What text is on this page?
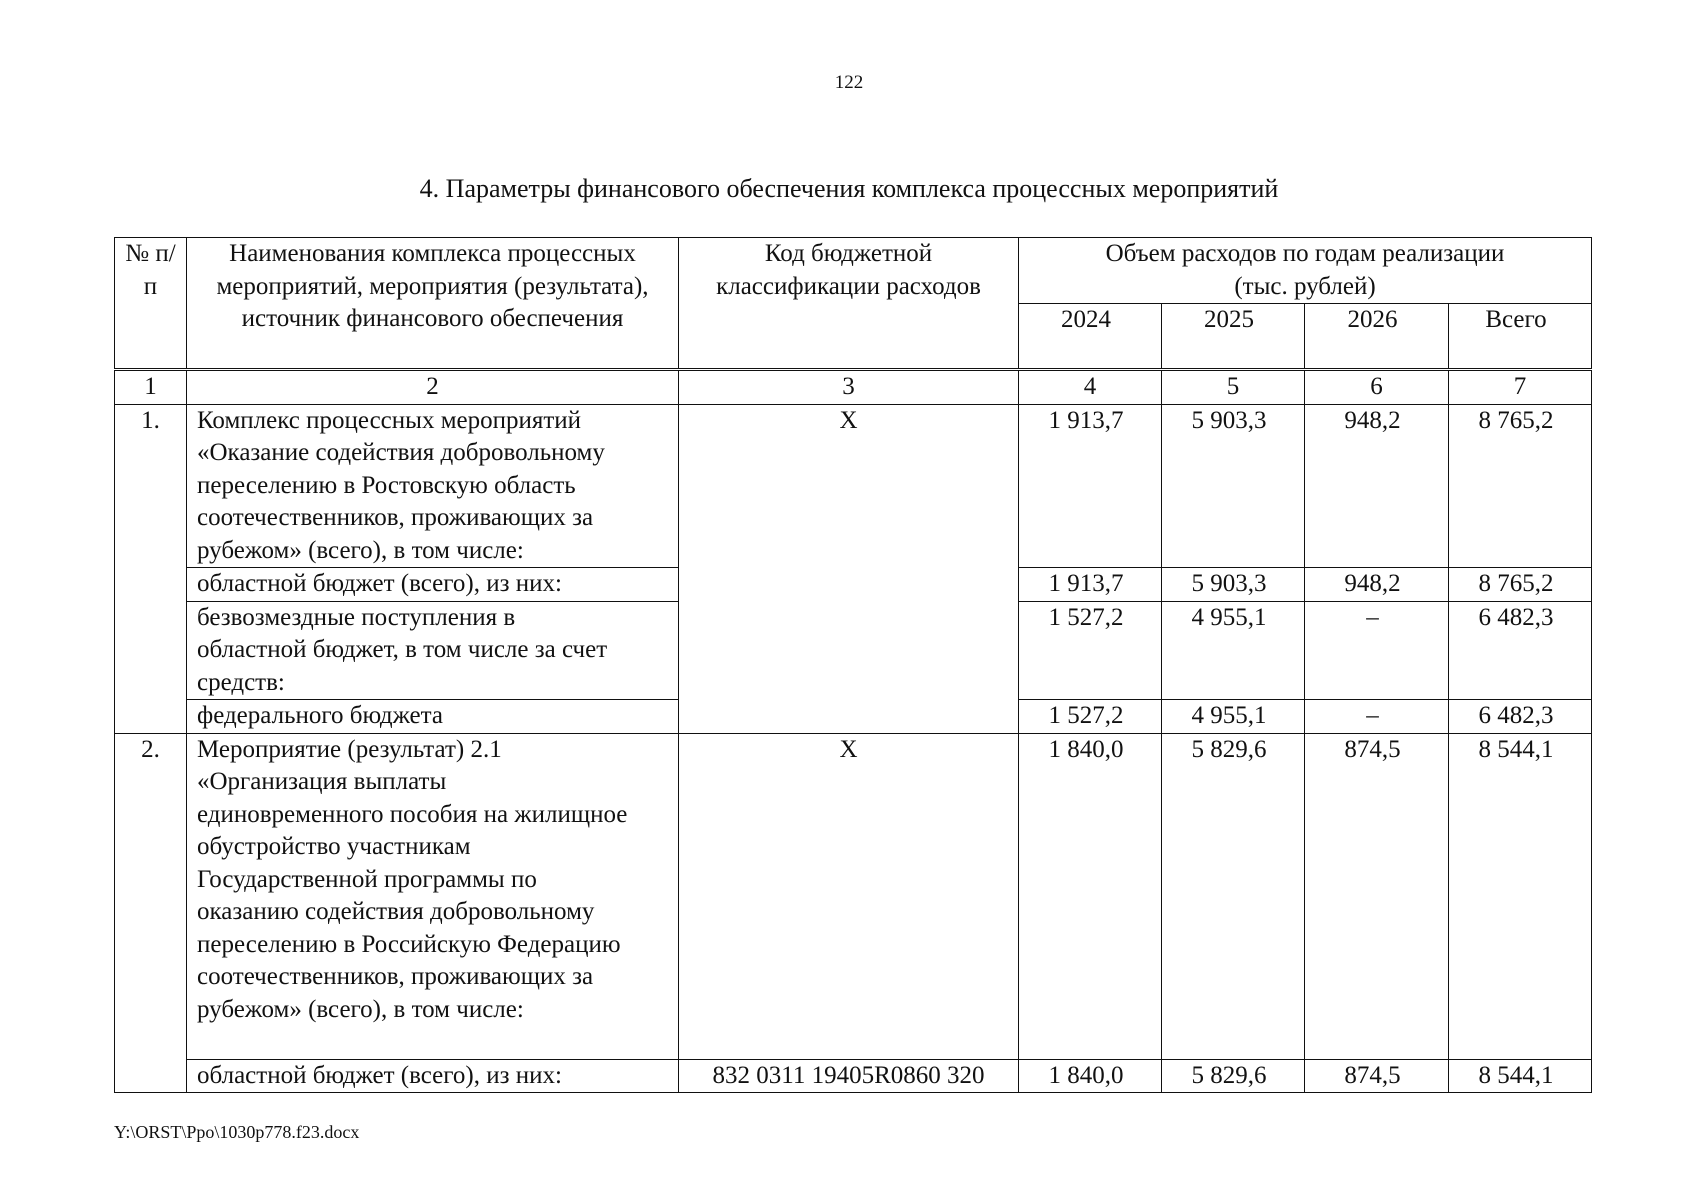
122
4. Параметры финансового обеспечения комплекса процессных мероприятий
№ п/п	Наименования комплекса процессных мероприятий, мероприятия (результата), источник финансового обеспечения	Код бюджетной классификации расходов	Объем расходов по годам реализации (тыс. рублей)			
			2024	2025	2026	Всего
1	2	3	4	5	6	7
1.	Комплекс процессных мероприятий «Оказание содействия добровольному переселению в Ростовскую область соотечественников, проживающих за рубежом» (всего), в том числе:	X	1 913,7	5 903,3	948,2	8 765,2
	областной бюджет (всего), из них:		1 913,7	5 903,3	948,2	8 765,2
	безвозмездные поступления в областной бюджет, в том числе за счет средств:		1 527,2	4 955,1	–	6 482,3
	федерального бюджета		1 527,2	4 955,1	–	6 482,3
2.	Мероприятие (результат) 2.1 «Организация выплаты единовременного пособия на жилищное обустройство участникам Государственной программы по оказанию содействия добровольному переселению в Российскую Федерацию соотечественников, проживающих за рубежом» (всего), в том числе:	X	1 840,0	5 829,6	874,5	8 544,1
	областной бюджет (всего), из них:	832 0311 19405R0860 320	1 840,0	5 829,6	874,5	8 544,1
Y:\ORST\Ppo\1030p778.f23.docx
